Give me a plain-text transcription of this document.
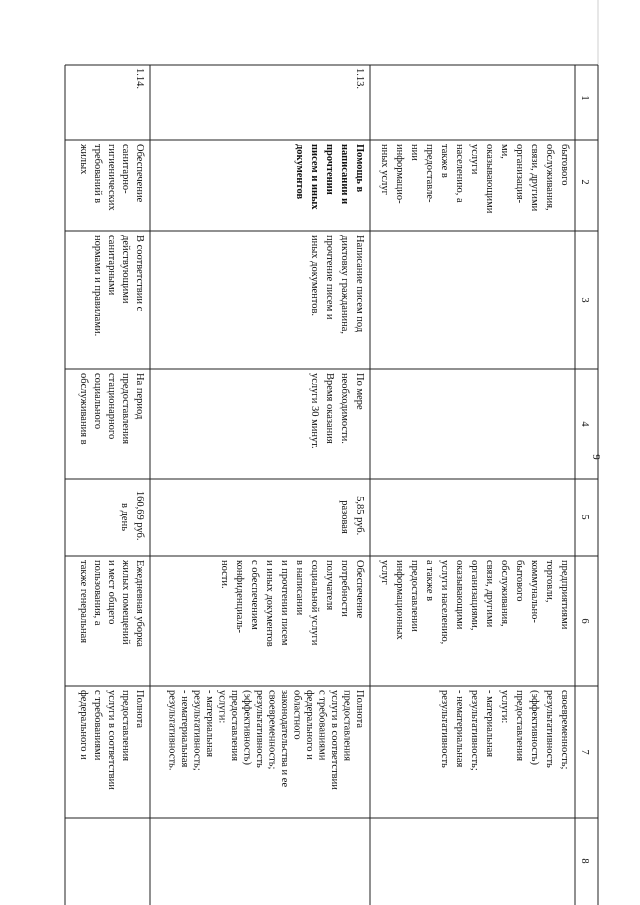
9
1
2
3
4
5
6
7
8
бытового обслуживания, связи, другими организация- ми, оказывающими услуги населению, а также в предоставле- нии информацио- нных услуг
предприятиями торговли, коммунально- бытового обслуживания, связи, другими организациями, оказывающими услуги населению, а также в предоставлении информационных услуг
своевременность; результативность (эффективность) предоставления услуги: - материальная результативность; - нематериальная результативность
1.13.
Помощь в написании и прочтении писем и иных документов
Написание писем под диктовку гражданина, прочтение писем и иных документов.
По мере необходимости. Время оказания услуги 30 минут.
5,85 руб. разовая
Обеспечение потребности получателя социальной услуги в написании и прочтении писем и иных документов с обеспечением конфиденциаль- ности.
Полнота предоставления услуги в соответствии с требованиями федерального и областного законодательства и ее своевременность; результативность (эффективность) предоставления услуги: - материальная результативность; - нематериальная результативность.
1.14.
Обеспечение санитарно- гигиенических требований в жилых
В соответствии с действующими санитарными нормами и правилами.
На период предоставления стационарного социального обслуживания в
160,69 руб. в день
Ежедневная уборка жилых помещений и мест общего пользования, а также генеральная
Полнота предоставления услуги в соответствии с требованиями федерального и
